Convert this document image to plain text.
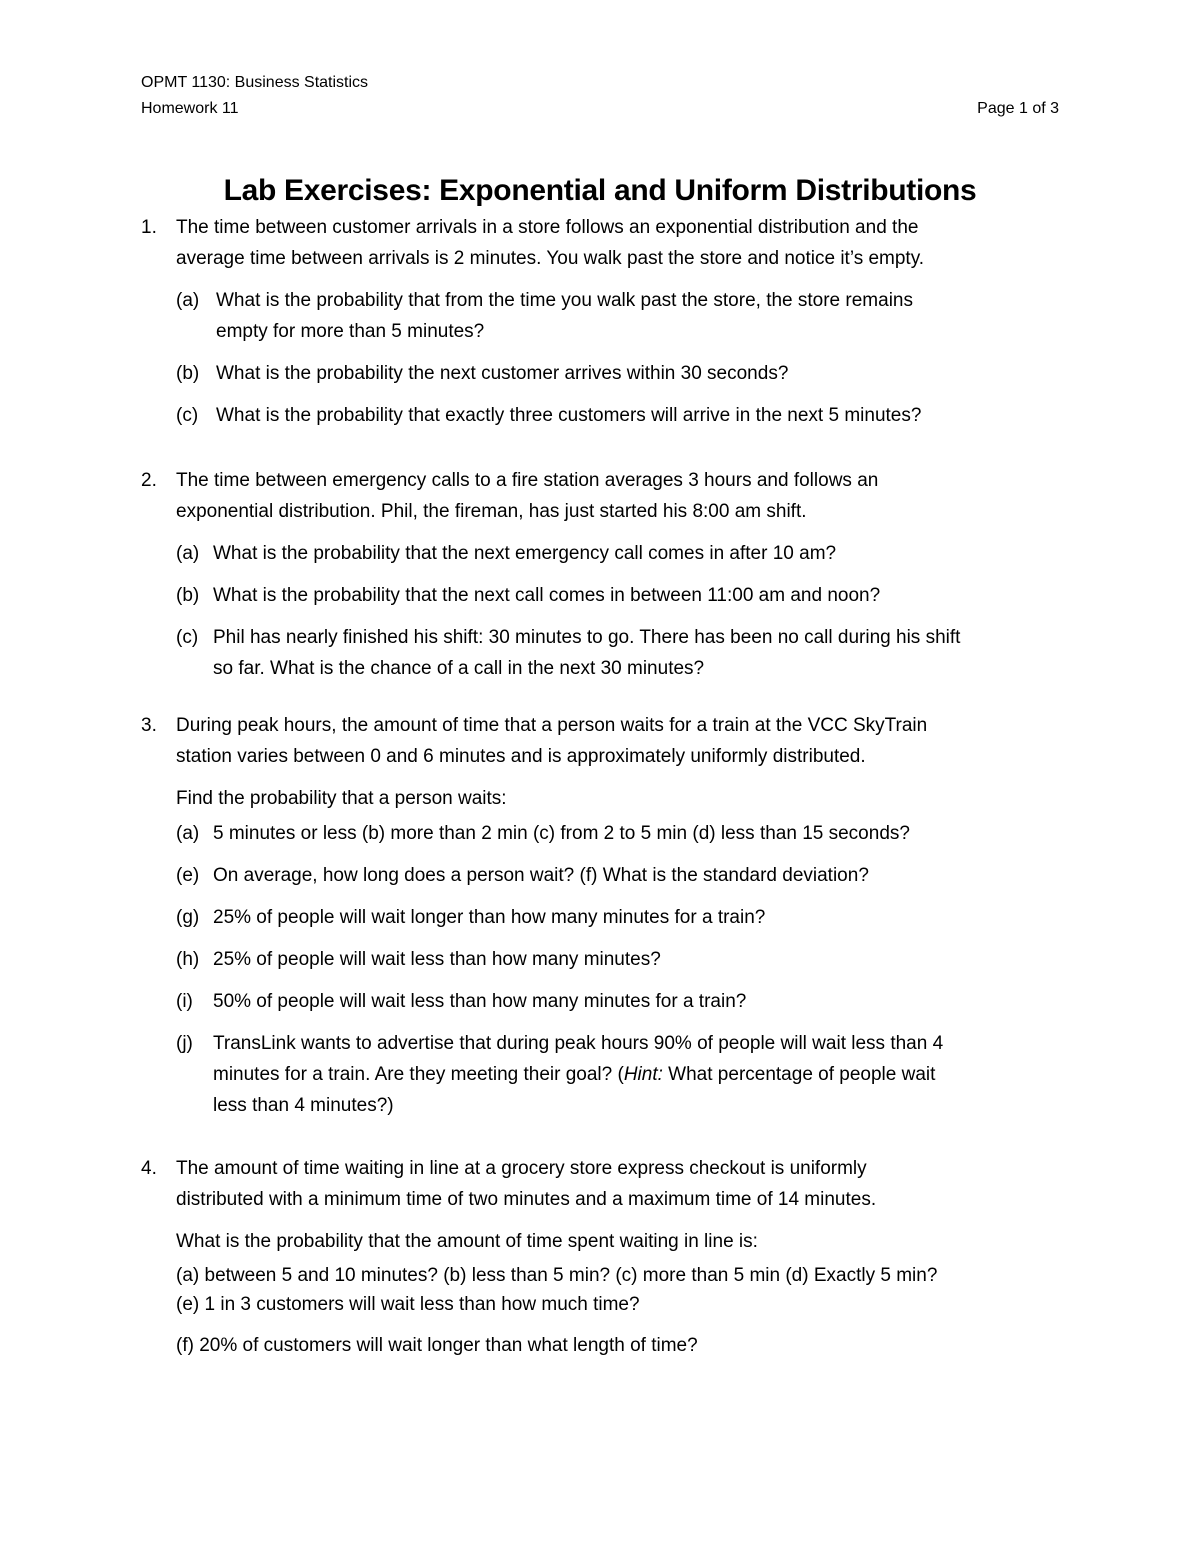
OPMT 1130: Business Statistics
Homework 11	Page 1 of 3
Lab Exercises: Exponential and Uniform Distributions
1.	The time between customer arrivals in a store follows an exponential distribution and the
average time between arrivals is 2 minutes. You walk past the store and notice it’s empty.
(a) What is the probability that from the time you walk past the store, the store remains
empty for more than 5 minutes?
(b) What is the probability the next customer arrives within 30 seconds?
(c) What is the probability that exactly three customers will arrive in the next 5 minutes?
2.	The time between emergency calls to a fire station averages 3 hours and follows an
exponential distribution. Phil, the fireman, has just started his 8:00 am shift.
(a) What is the probability that the next emergency call comes in after 10 am?
(b) What is the probability that the next call comes in between 11:00 am and noon?
(c) Phil has nearly finished his shift: 30 minutes to go. There has been no call during his shift
so far. What is the chance of a call in the next 30 minutes?
3.	During peak hours, the amount of time that a person waits for a train at the VCC SkyTrain
station varies between 0 and 6 minutes and is approximately uniformly distributed.
Find the probability that a person waits:
(a) 5 minutes or less (b) more than 2 min (c) from 2 to 5 min (d) less than 15 seconds?
(e) On average, how long does a person wait? (f) What is the standard deviation?
(g) 25% of people will wait longer than how many minutes for a train?
(h) 25% of people will wait less than how many minutes?
(i) 50% of people will wait less than how many minutes for a train?
(j) TransLink wants to advertise that during peak hours 90% of people will wait less than 4
minutes for a train. Are they meeting their goal? (Hint: What percentage of people wait
less than 4 minutes?)
4.	The amount of time waiting in line at a grocery store express checkout is uniformly
distributed with a minimum time of two minutes and a maximum time of 14 minutes.
What is the probability that the amount of time spent waiting in line is:
(a) between 5 and 10 minutes? (b) less than 5 min? (c) more than 5 min (d) Exactly 5 min?
(e) 1 in 3 customers will wait less than how much time?
(f) 20% of customers will wait longer than what length of time?
